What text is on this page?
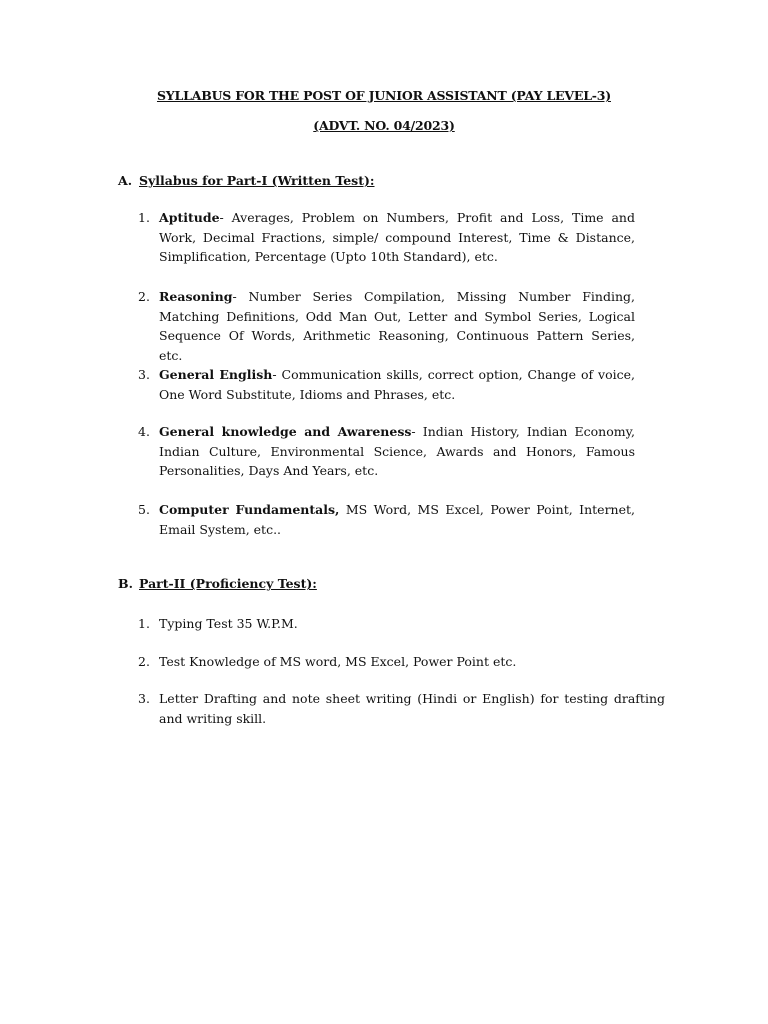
SYLLABUS FOR THE POST OF JUNIOR ASSISTANT (PAY LEVEL-3)
(ADVT. NO. 04/2023)
A. Syllabus for Part-I (Written Test):
1. Aptitude- Averages, Problem on Numbers, Profit and Loss, Time and Work, Decimal Fractions, simple/ compound Interest, Time & Distance, Simplification, Percentage (Upto 10th Standard), etc.
2. Reasoning- Number Series Compilation, Missing Number Finding, Matching Definitions, Odd Man Out, Letter and Symbol Series, Logical Sequence Of Words, Arithmetic Reasoning, Continuous Pattern Series, etc.
3. General English- Communication skills, correct option, Change of voice, One Word Substitute, Idioms and Phrases, etc.
4. General knowledge and Awareness- Indian History, Indian Economy, Indian Culture, Environmental Science, Awards and Honors, Famous Personalities, Days And Years, etc.
5. Computer Fundamentals, MS Word, MS Excel, Power Point, Internet, Email System, etc..
B. Part-II (Proficiency Test):
1. Typing Test 35 W.P.M.
2. Test Knowledge of MS word, MS Excel, Power Point etc.
3. Letter Drafting and note sheet writing (Hindi or English) for testing drafting and writing skill.
